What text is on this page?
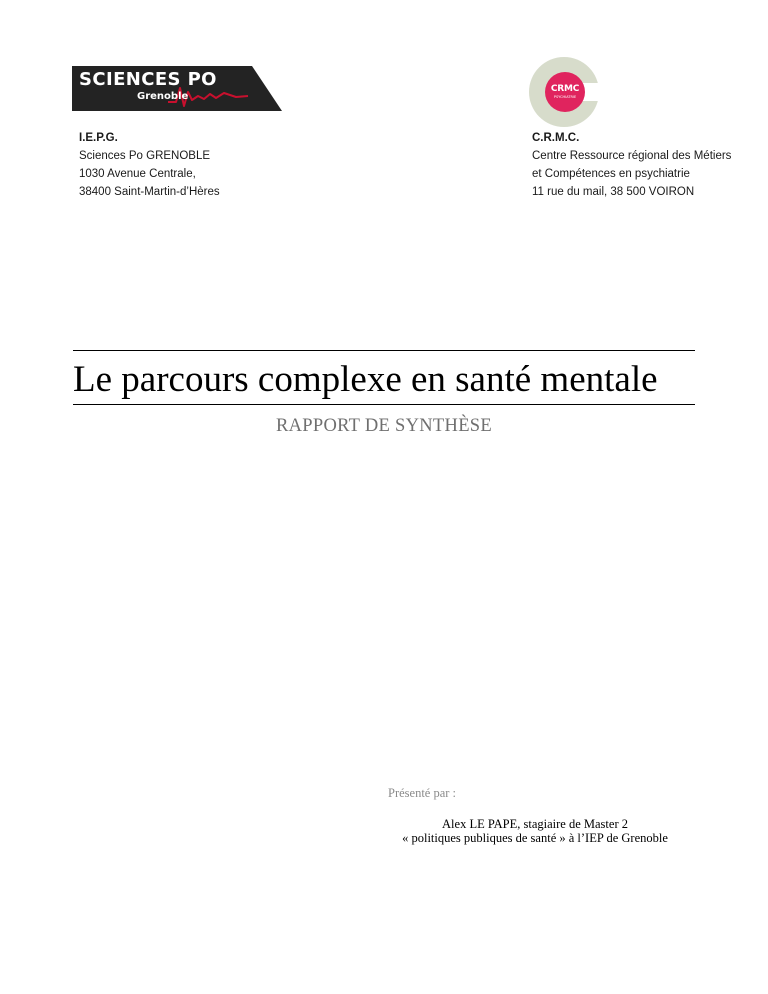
SCIENCES PO
Grenoble
CRMC
PSYCHIATRIE
I.E.P.G.
Sciences Po GRENOBLE
1030 Avenue Centrale,
38400 Saint-Martin-d’Hères
C.R.M.C.
Centre Ressource régional des Métiers
et Compétences en psychiatrie
11 rue du mail, 38 500 VOIRON
Le parcours complexe en santé mentale
RAPPORT DE SYNTHÈSE
Présenté par :
Alex LE PAPE, stagiaire de Master 2
« politiques publiques de santé » à l’IEP de Grenoble
